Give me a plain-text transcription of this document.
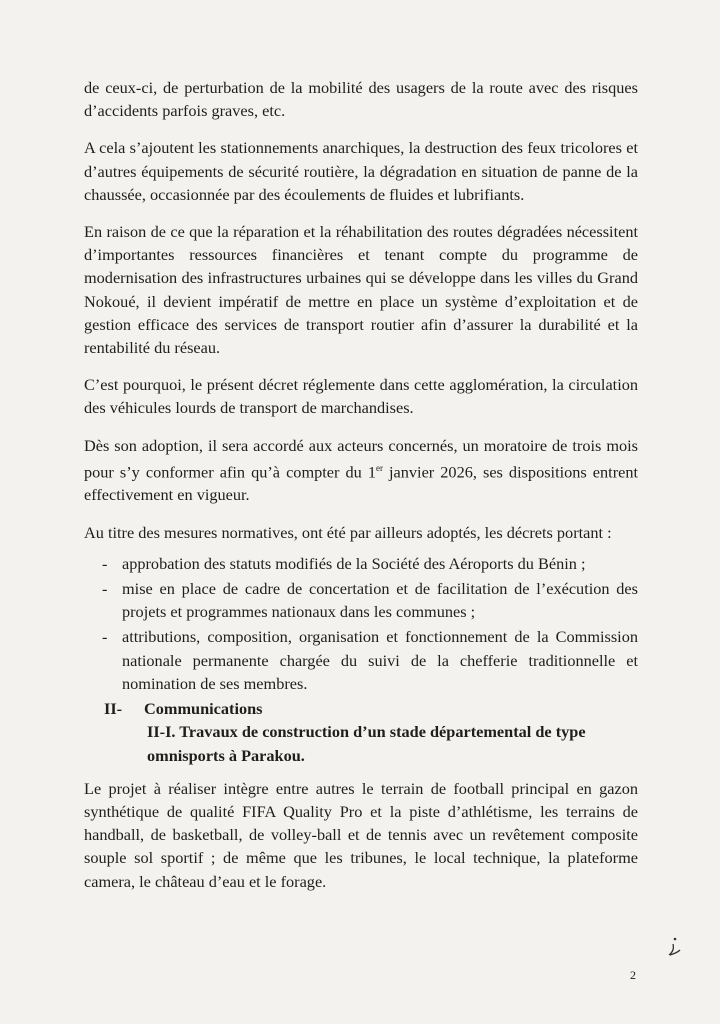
de ceux-ci, de perturbation de la mobilité des usagers de la route avec des risques d’accidents parfois graves, etc.

A cela s’ajoutent les stationnements anarchiques, la destruction des feux tricolores et d’autres équipements de sécurité routière, la dégradation en situation de panne de la chaussée, occasionnée par des écoulements de fluides et lubrifiants.

En raison de ce que la réparation et la réhabilitation des routes dégradées nécessitent d’importantes ressources financières et tenant compte du programme de modernisation des infrastructures urbaines qui se développe dans les villes du Grand Nokoué, il devient impératif de mettre en place un système d’exploitation et de gestion efficace des services de transport routier afin d’assurer la durabilité et la rentabilité du réseau.

C’est pourquoi, le présent décret réglemente dans cette agglomération, la circulation des véhicules lourds de transport de marchandises.

Dès son adoption, il sera accordé aux acteurs concernés, un moratoire de trois mois pour s’y conformer afin qu’à compter du 1er janvier 2026, ses dispositions entrent effectivement en vigueur.

Au titre des mesures normatives, ont été par ailleurs adoptés, les décrets portant :

- approbation des statuts modifiés de la Société des Aéroports du Bénin ;
- mise en place de cadre de concertation et de facilitation de l’exécution des projets et programmes nationaux dans les communes ;
- attributions, composition, organisation et fonctionnement de la Commission nationale permanente chargée du suivi de la chefferie traditionnelle et nomination de ses membres.
II- Communications
II-I. Travaux de construction d’un stade départemental de type omnisports à Parakou.

Le projet à réaliser intègre entre autres le terrain de football principal en gazon synthétique de qualité FIFA Quality Pro et la piste d’athlétisme, les terrains de handball, de basketball, de volley-ball et de tennis avec un revêtement composite souple sol sportif ; de même que les tribunes, le local technique, la plateforme camera, le château d’eau et le forage.

2
